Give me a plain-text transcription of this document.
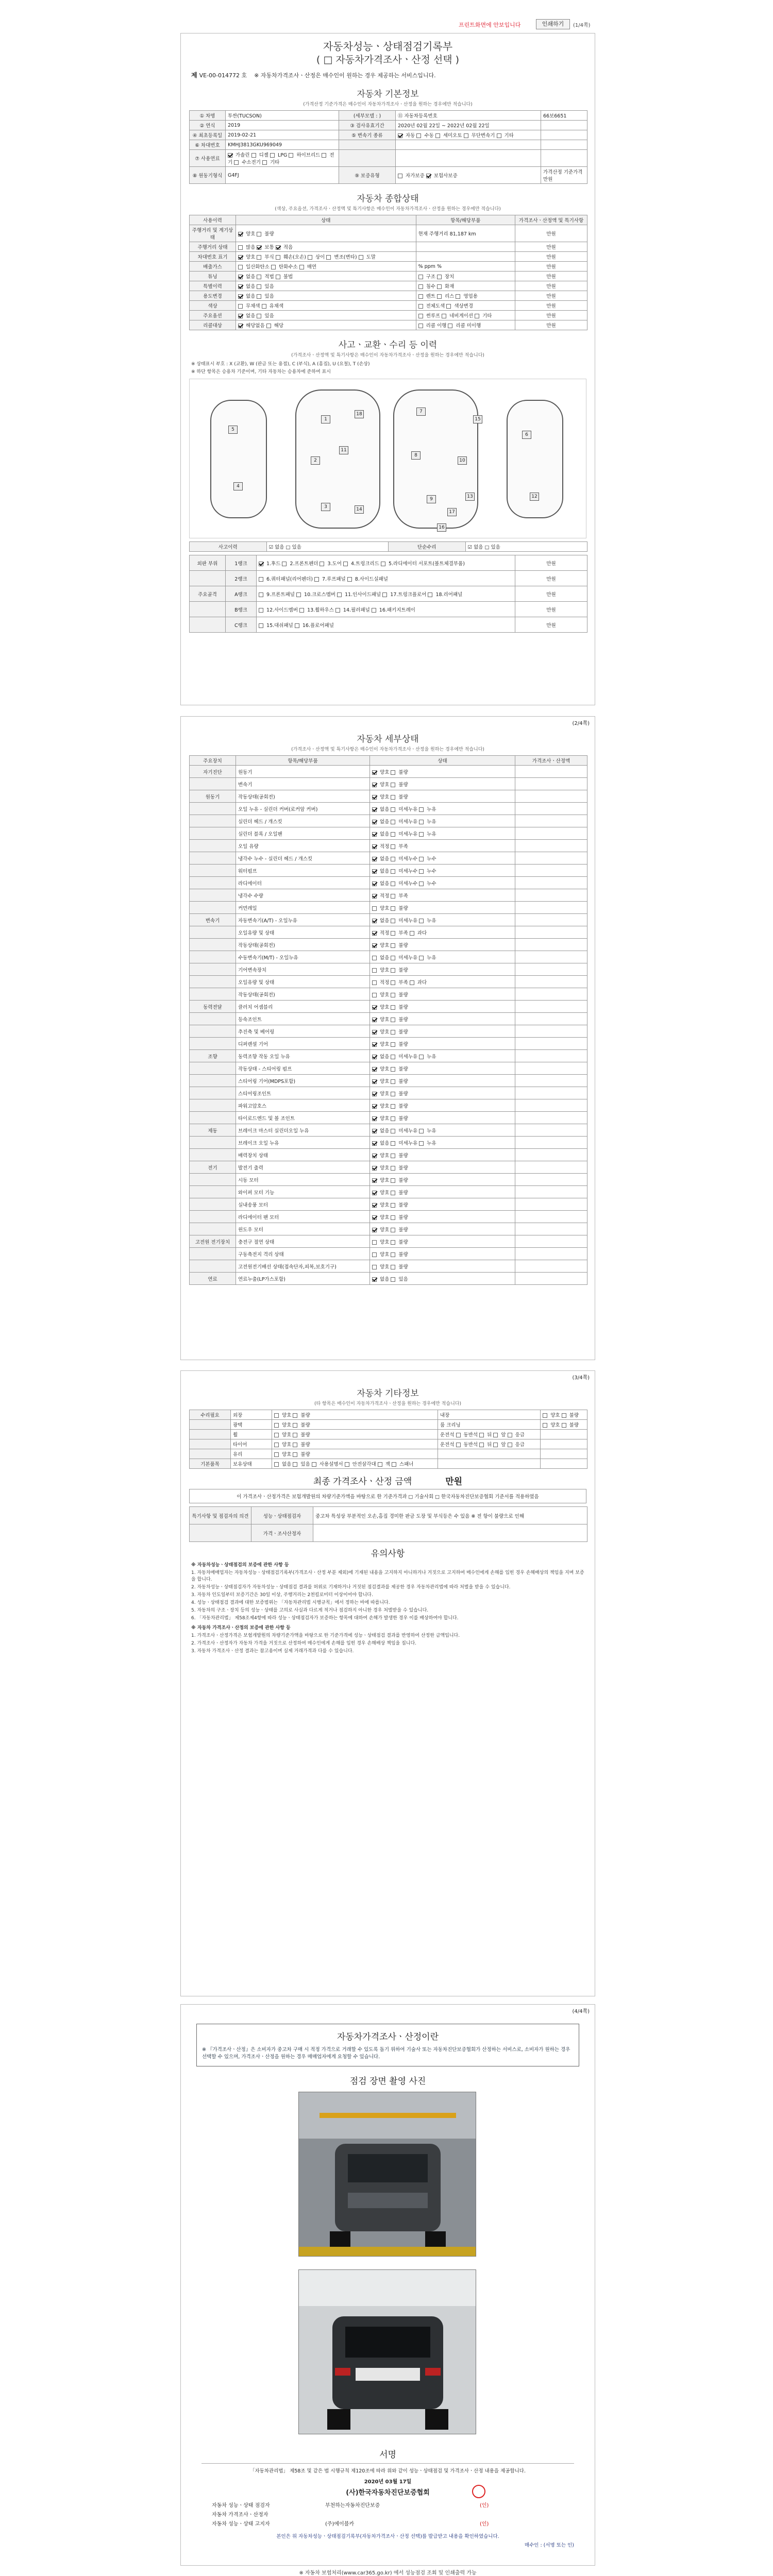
프린트화면에 안보입니다	인쇄하기	(1/4쪽)
자동차성능ㆍ상태점검기록부
( □ 자동차가격조사ㆍ산정 선택 )
제 VE-00-014772 호 ※ 자동차가격조사ㆍ산정은 매수인이 원하는 경우 제공하는 서비스입니다.
자동차 기본정보
(가격산정 기준가격은 매수인이 자동차가격조사ㆍ산정을 원하는 경우에만 적습니다)
① 차명	투싼(TUCSON)	(세부모델 : )	⑪ 자동차등록번호	66보6651
② 연식	2019	③ 검사유효기간	2020년 02월 22일 ~ 2022년 02월 22일	
④ 최초등록일	2019-02-21	⑤ 변속기 종류	자동  수동  세미오토  무단변속기  기타	
⑥ 차대번호	KMHJ3813GKU969049			
⑦ 사용연료	가솔린  디젤  LPG  하이브리드  전기  수소전기  기타			
⑧ 원동기형식	G4FJ	⑨ 보증유형	자가보증  보험사보증	가격산정 기준가격 만원
자동차 종합상태
(색상, 주요옵션, 가격조사ㆍ산정액 및 특기사항은 매수인이 자동차가격조사ㆍ산정을 원하는 경우에만 적습니다)
사용이력	상태	항목/해당부품	가격조사ㆍ산정액 및 특기사항
주행거리 및 계기상태	양호  불량	현재 주행거리 81,187 km	만원
주행거리 상태	많음  보통  적음		만원
차대번호 표기	양호  부식  훼손(오손)  상이  변조(변타)  도말		만원
배출가스	일산화탄소  탄화수소  매연	% ppm %	만원
튜닝	없음  적법  불법	구조  장치	만원
특별이력	없음  있음	침수  화재	만원
용도변경	없음  있음	렌트  리스  영업용	만원
색상	무채색  유채색	전체도색  색상변경	만원
주요옵션	없음  있음	썬루프  네비게이션  기타	만원
리콜대상	해당없음  해당	리콜 이행  리콜 미이행	만원
사고ㆍ교환ㆍ수리 등 이력
(가격조사ㆍ산정액 및 특기사항은 매수인이 자동차가격조사ㆍ산정을 원하는 경우에만 적습니다)

※ 상태표시 부호 : X (교환), W (판금 또는 용접), C (부식), A (흠집), U (요철), T (손상)

※ 하단 항목은 승용차 기준이며, 기타 자동차는 승용차에 준하여 표시

1
2
3
4
5
6
7
8
9
10
11
12
13
14
15
16
17
18
사고이력	☑ 없음 □ 있음	단순수리	☑ 없음 □ 있음
외판 부위	1랭크	1.후드  2.프론트펜더  3.도어  4.트렁크리드  5.라디에이터 서포트(볼트체결부품)	만원
	2랭크	6.쿼터패널(리어펜더)  7.루프패널  8.사이드실패널	만원
주요골격	A랭크	9.프론트패널  10.크로스멤버  11.인사이드패널  17.트렁크플로어  18.리어패널	만원
	B랭크	12.사이드멤버  13.휠하우스  14.필러패널  16.패키지트레이	만원
	C랭크	15.대쉬패널  16.플로어패널	만원
(2/4쪽)
자동차 세부상태
(가격조사ㆍ산정액 및 특기사항은 매수인이 자동차가격조사ㆍ산정을 원하는 경우에만 적습니다)
주요장치	항목/해당부품	상태	가격조사ㆍ산정액
자기진단	원동기	양호  불량	
	변속기	양호  불량	
원동기	작동상태(공회전)	양호  불량	
	오일 누유 - 실린더 커버(로커암 커버)	없음  미세누유  누유	
	실린더 헤드 / 개스킷	없음  미세누유  누유	
	실린더 블록 / 오일팬	없음  미세누유  누유	
	오일 유량	적정  부족	
	냉각수 누수 - 실린더 헤드 / 개스킷	없음  미세누수  누수	
	워터펌프	없음  미세누수  누수	
	라디에이터	없음  미세누수  누수	
	냉각수 수량	적정  부족	
	커먼레일	양호  불량	
변속기	자동변속기(A/T) - 오일누유	없음  미세누유  누유	
	오일유량 및 상태	적정  부족  과다	
	작동상태(공회전)	양호  불량	
	수동변속기(M/T) - 오일누유	없음  미세누유  누유	
	기어변속장치	양호  불량	
	오일유량 및 상태	적정  부족  과다	
	작동상태(공회전)	양호  불량	
동력전달	클러치 어셈블리	양호  불량	
	등속조인트	양호  불량	
	추진축 및 베어링	양호  불량	
	디퍼렌셜 기어	양호  불량	
조향	동력조향 작동 오일 누유	없음  미세누유  누유	
	작동상태 - 스티어링 펌프	양호  불량	
	스티어링 기어(MDPS포함)	양호  불량	
	스티어링조인트	양호  불량	
	파워고압호스	양호  불량	
	타이로드엔드 및 볼 조인트	양호  불량	
제동	브레이크 마스터 실린더오일 누유	없음  미세누유  누유	
	브레이크 오일 누유	없음  미세누유  누유	
	배력장치 상태	양호  불량	
전기	발전기 출력	양호  불량	
	시동 모터	양호  불량	
	와이퍼 모터 기능	양호  불량	
	실내송풍 모터	양호  불량	
	라디에이터 팬 모터	양호  불량	
	윈도우 모터	양호  불량	
고전원 전기장치	충전구 절연 상태	양호  불량	
	구동축전지 격리 상태	양호  불량	
	고전원전기배선 상태(접속단자,피복,보호기구)	양호  불량	
연료	연료누출(LP가스포함)	없음  있음	
(3/4쪽)
자동차 기타정보
(타 항목은 매수인이 자동차가격조사ㆍ산정을 원하는 경우에만 적습니다)
수리필요	외장	양호  불량	내장	양호  불량
	광택	양호  불량	룸 크리닝	양호  불량
	휠	양호  불량	운전석  동반석  뒤  앞  응급	
	타이어	양호  불량	운전석  동반석  뒤  앞  응급	
	유리	양호  불량		
기본품목	보유상태	없음  있음  사용설명서  안전삼각대  잭  스패너		
최종 가격조사ㆍ산정 금액	만원
이 가격조사ㆍ산정가격은 보험개발원의 차량기준가액을 바탕으로 한 기준가격과 □ 기술사회 □ 한국자동차진단보증협회 기준서를 적용하였음
특기사항 및 점검자의 의견	성능ㆍ상태점검자	중고차 특성상 부분적인 오손,흠집 경미한 판금 도장 및 부식등은 수 있음 ※ 전 항이 불량으로 인해
	가격ㆍ조사산정자	
유의사항

※ 자동차성능ㆍ상태점검의 보증에 관한 사항 등

1. 자동차매매업자는 자동차성능ㆍ상태점검기록부(가격조사ㆍ산정 부분 제외)에 기재된 내용을 고지하지 아니하거나 거짓으로 고지하여 매수인에게 손해를 입힌 경우 손해배상의 책임을 지며 보증을 합니다.

2. 자동차성능ㆍ상태점검자가 자동차성능ㆍ상태점검 결과를 허위로 기재하거나 거짓된 점검결과를 제공한 경우 자동차관리법에 따라 처벌을 받을 수 있습니다.

3. 자동차 인도일부터 보증기간은 30일 이상, 주행거리는 2천킬로미터 이상이어야 합니다.

4. 성능ㆍ상태점검 결과에 대한 보증범위는 「자동차관리법 시행규칙」에서 정하는 바에 따릅니다.

5. 자동차의 구조ㆍ장치 등의 성능ㆍ상태를 고의로 사실과 다르게 적거나 점검하지 아니한 경우 처벌받을 수 있습니다.

6. 「자동차관리법」 제58조제4항에 따라 성능ㆍ상태점검자가 보증하는 항목에 대하여 손해가 발생한 경우 이를 배상하여야 합니다.

※ 자동차 가격조사ㆍ산정의 보증에 관한 사항 등

1. 가격조사ㆍ산정가격은 보험개발원의 차량기준가액을 바탕으로 한 기준가격에 성능ㆍ상태점검 결과를 반영하여 산정한 금액입니다.

2. 가격조사ㆍ산정자가 자동차 가격을 거짓으로 산정하여 매수인에게 손해를 입힌 경우 손해배상 책임을 집니다.

3. 자동차 가격조사ㆍ산정 결과는 참고용이며 실제 거래가격과 다를 수 있습니다.

(4/4쪽)
자동차가격조사ㆍ산정이란
※ 『가격조사ㆍ산정』은 소비자가 중고차 구매 시 적정 가격으로 거래할 수 있도록 돕기 위하여 기술사 또는 자동차진단보증협회가 산정하는 서비스로, 소비자가 원하는 경우 선택할 수 있으며, 가격조사ㆍ산정을 원하는 경우 매매업자에게 요청할 수 있습니다.
점검 장면 촬영 사진
서명
「자동차관리법」 제58조 및 같은 법 시행규칙 제120조에 따라 위와 같이 성능ㆍ상태점검 및 가격조사ㆍ산정 내용을 제공합니다.
2020년 03월 17일
(사)한국자동차진단보증협회
자동차 성능ㆍ상태 점검자	부천하는자동차진단보증	(인)
자동차 가격조사ㆍ산정자
자동차 성능ㆍ상태 고지자	(주)에이블카	(인)
본인은 위 자동차성능ㆍ상태점검기록부(자동차가격조사ㆍ산정 선택)를 발급받고 내용을 확인하였습니다.
매수인 : (서명 또는 인)
※ 자동차 보험처리(www.car365.go.kr) 에서 성능점검 조회 및 인쇄출력 가능
